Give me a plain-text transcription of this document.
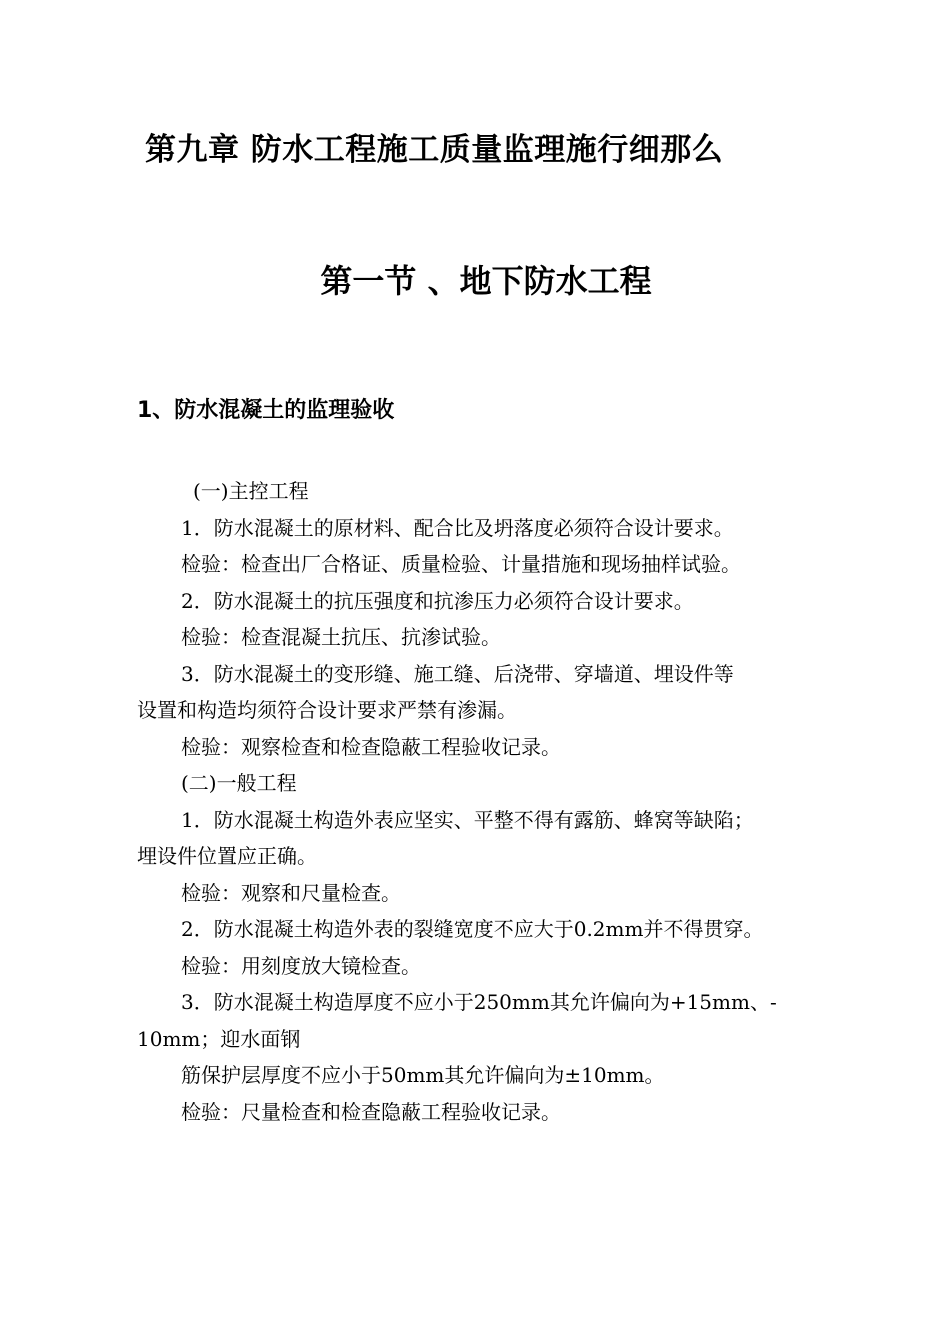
第九章 防水工程施工质量监理施行细那么
第一节 、地下防水工程
1、防水混凝土的监理验收

(一)主控工程

1．防水混凝土的原材料、配合比及坍落度必须符合设计要求。

检验：检查出厂合格证、质量检验、计量措施和现场抽样试验。

2．防水混凝土的抗压强度和抗渗压力必须符合设计要求。

检验：检查混凝土抗压、抗渗试验。

3．防水混凝土的变形缝、施工缝、后浇带、穿墙道、埋设件等

设置和构造均须符合设计要求严禁有渗漏。

检验：观察检查和检查隐蔽工程验收记录。

(二)一般工程

1．防水混凝土构造外表应坚实、平整不得有露筋、蜂窝等缺陷；

埋设件位置应正确。

检验：观察和尺量检查。

2．防水混凝土构造外表的裂缝宽度不应大于0.2mm并不得贯穿。

检验：用刻度放大镜检查。

3．防水混凝土构造厚度不应小于250mm其允许偏向为+15mm、-

10mm；迎水面钢

筋保护层厚度不应小于50mm其允许偏向为±10mm。

检验：尺量检查和检查隐蔽工程验收记录。
